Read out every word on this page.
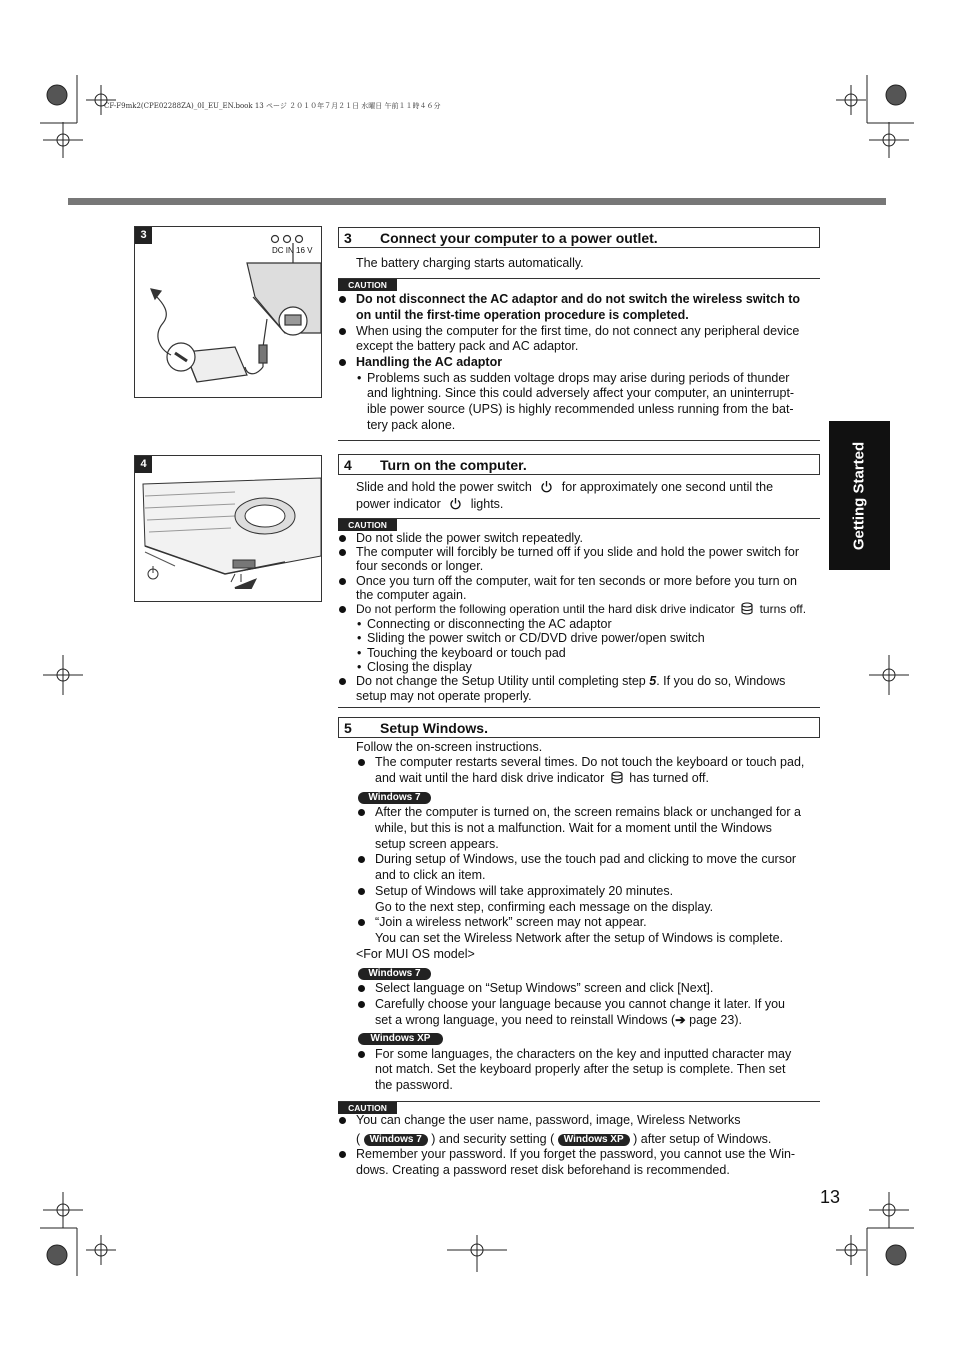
CF-F9mk2(CPE02288ZA)_0I_EU_EN.book 13 ページ ２０１０年７月２１日 水曜日 午前１１時４６分
Getting Started
3
DC IN 16 V
4
3 Connect your computer to a power outlet.
The battery charging starts automatically.
CAUTION
Do not disconnect the AC adaptor and do not switch the wireless switch to
on until the first-time operation procedure is completed.
When using the computer for the first time, do not connect any peripheral device
except the battery pack and AC adaptor.
Handling the AC adaptor
• Problems such as sudden voltage drops may arise during periods of thunder
and lightning. Since this could adversely affect your computer, an uninterrupt-
ible power source (UPS) is highly recommended unless running from the bat-
tery pack alone.
4 Turn on the computer.
Slide and hold the power switch for approximately one second until the
power indicator lights.
CAUTION
Do not slide the power switch repeatedly.
The computer will forcibly be turned off if you slide and hold the power switch for
four seconds or longer.
Once you turn off the computer, wait for ten seconds or more before you turn on
the computer again.
Do not perform the following operation until the hard disk drive indicator turns off.
• Connecting or disconnecting the AC adaptor
• Sliding the power switch or CD/DVD drive power/open switch
• Touching the keyboard or touch pad
• Closing the display
Do not change the Setup Utility until completing step 5. If you do so, Windows
setup may not operate properly.
5 Setup Windows.
Follow the on-screen instructions.
The computer restarts several times. Do not touch the keyboard or touch pad,
and wait until the hard disk drive indicator has turned off.
Windows 7
After the computer is turned on, the screen remains black or unchanged for a
while, but this is not a malfunction. Wait for a moment until the Windows
setup screen appears.
During setup of Windows, use the touch pad and clicking to move the cursor
and to click an item.
Setup of Windows will take approximately 20 minutes.
Go to the next step, confirming each message on the display.
“Join a wireless network” screen may not appear.
You can set the Wireless Network after the setup of Windows is complete.
<For MUI OS model>
Windows 7
Select language on “Setup Windows” screen and click [Next].
Carefully choose your language because you cannot change it later. If you
set a wrong language, you need to reinstall Windows (➔ page 23).
Windows XP
For some languages, the characters on the key and inputted character may
not match. Set the keyboard properly after the setup is complete. Then set
the password.
CAUTION
You can change the user name, password, image, Wireless Networks
( Windows 7 ) and security setting ( Windows XP ) after setup of Windows.
Remember your password. If you forget the password, you cannot use the Win-
dows. Creating a password reset disk beforehand is recommended.
13
